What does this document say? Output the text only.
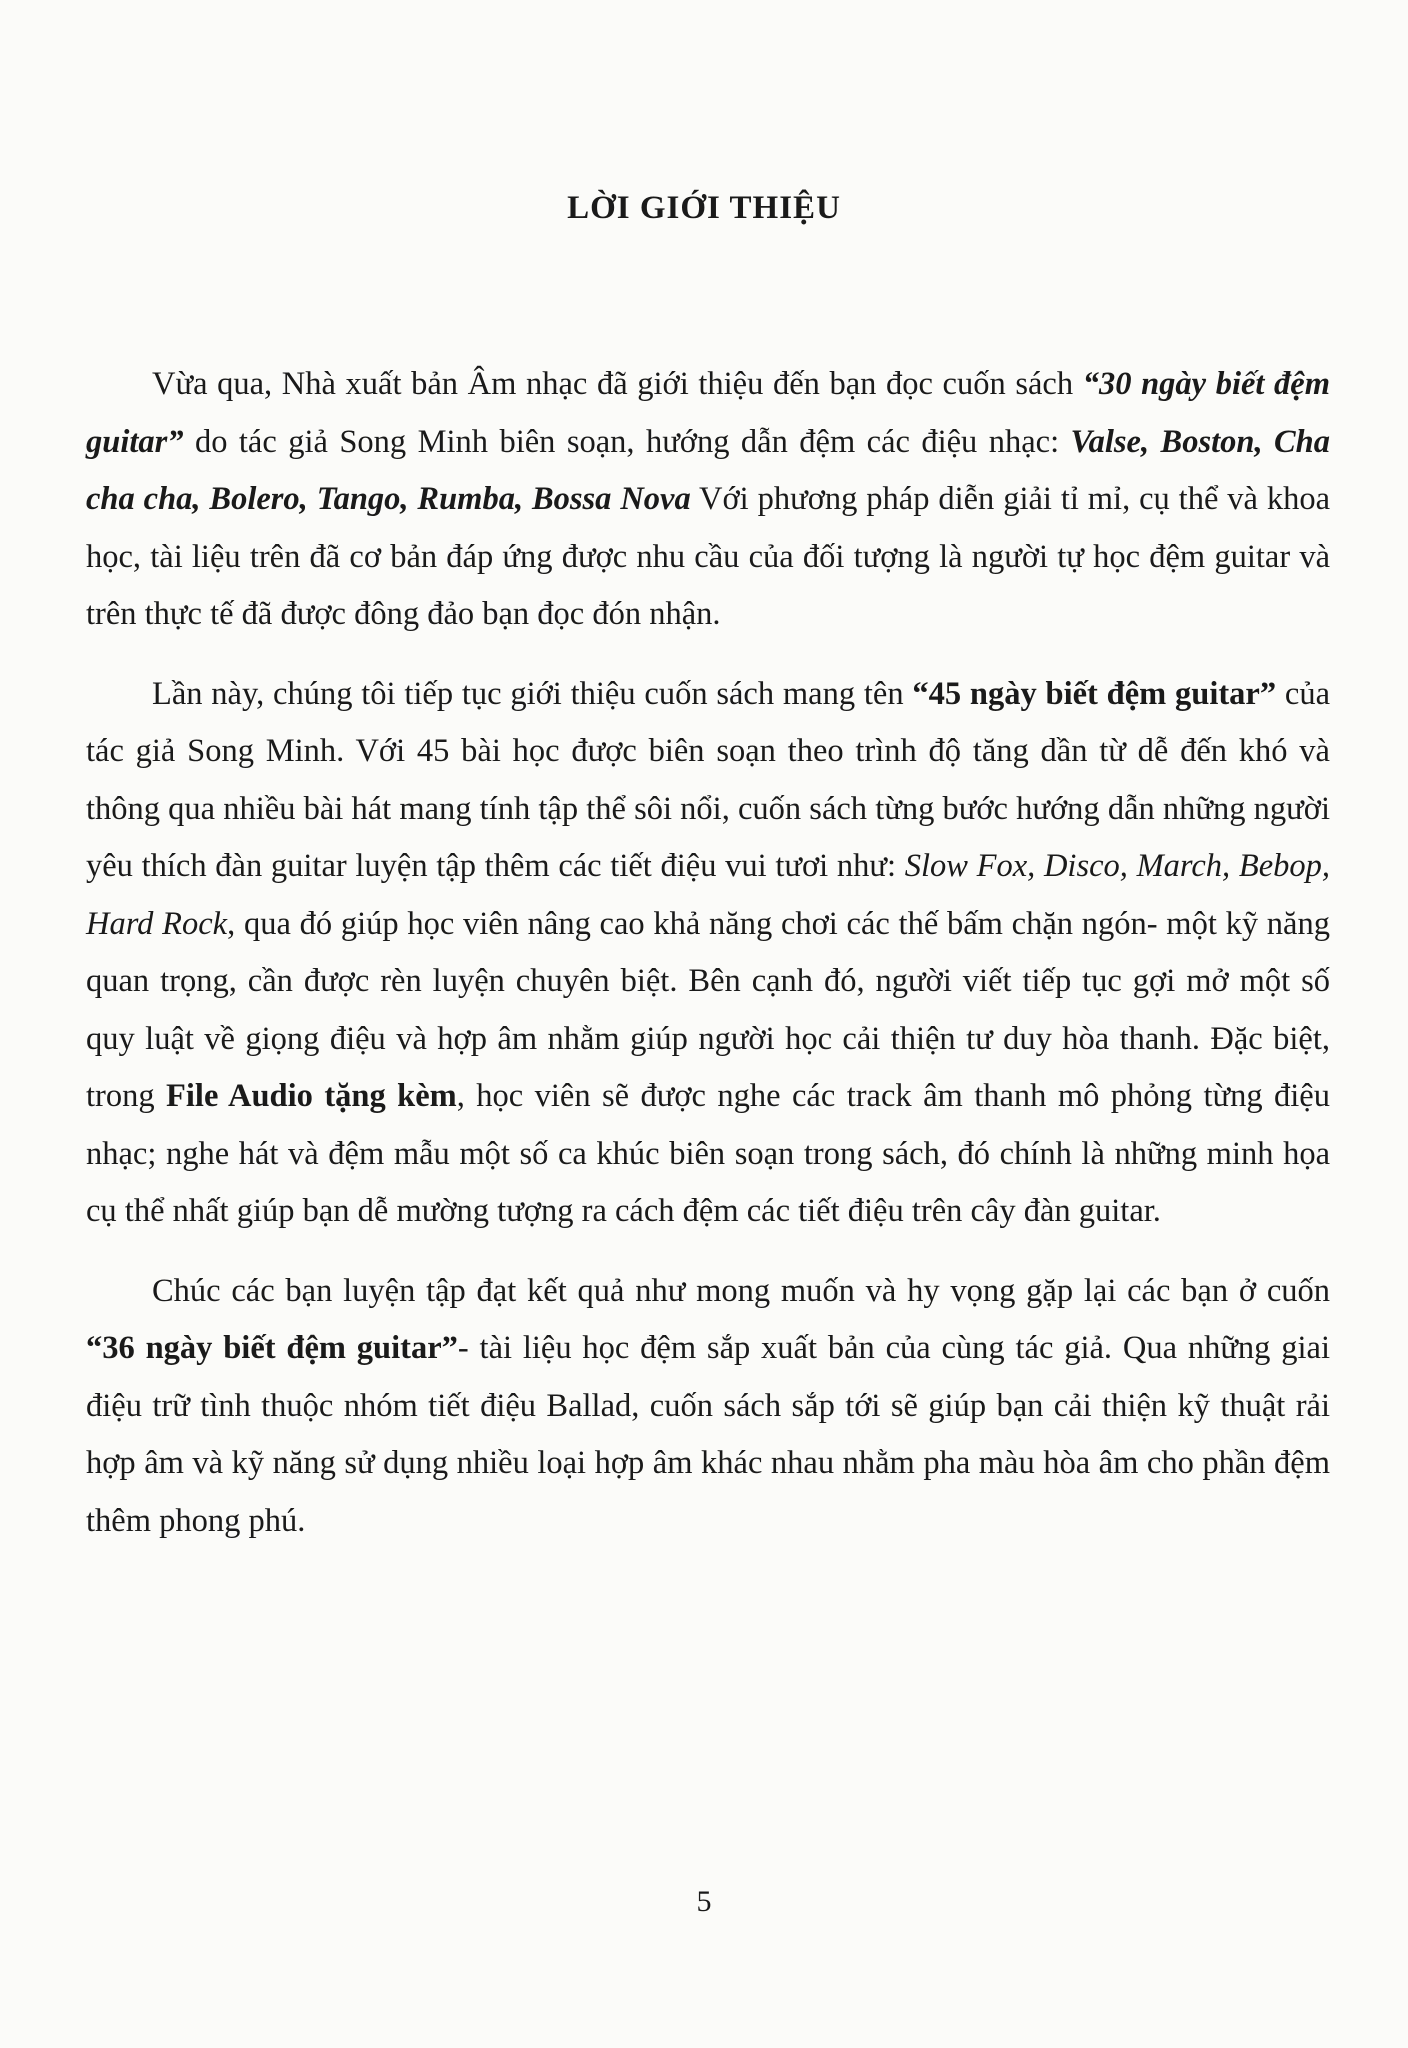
LỜI GIỚI THIỆU

Vừa qua, Nhà xuất bản Âm nhạc đã giới thiệu đến bạn đọc cuốn sách “30 ngày biết đệm guitar” do tác giả Song Minh biên soạn, hướng dẫn đệm các điệu nhạc: Valse, Boston, Cha cha cha, Bolero, Tango, Rumba, Bossa Nova Với phương pháp diễn giải tỉ mỉ, cụ thể và khoa học, tài liệu trên đã cơ bản đáp ứng được nhu cầu của đối tượng là người tự học đệm guitar và trên thực tế đã được đông đảo bạn đọc đón nhận.

Lần này, chúng tôi tiếp tục giới thiệu cuốn sách mang tên “45 ngày biết đệm guitar” của tác giả Song Minh. Với 45 bài học được biên soạn theo trình độ tăng dần từ dễ đến khó và thông qua nhiều bài hát mang tính tập thể sôi nổi, cuốn sách từng bước hướng dẫn những người yêu thích đàn guitar luyện tập thêm các tiết điệu vui tươi như: Slow Fox, Disco, March, Bebop, Hard Rock, qua đó giúp học viên nâng cao khả năng chơi các thế bấm chặn ngón- một kỹ năng quan trọng, cần được rèn luyện chuyên biệt. Bên cạnh đó, người viết tiếp tục gợi mở một số quy luật về giọng điệu và hợp âm nhằm giúp người học cải thiện tư duy hòa thanh. Đặc biệt, trong File Audio tặng kèm, học viên sẽ được nghe các track âm thanh mô phỏng từng điệu nhạc; nghe hát và đệm mẫu một số ca khúc biên soạn trong sách, đó chính là những minh họa cụ thể nhất giúp bạn dễ mường tượng ra cách đệm các tiết điệu trên cây đàn guitar.

Chúc các bạn luyện tập đạt kết quả như mong muốn và hy vọng gặp lại các bạn ở cuốn “36 ngày biết đệm guitar”- tài liệu học đệm sắp xuất bản của cùng tác giả. Qua những giai điệu trữ tình thuộc nhóm tiết điệu Ballad, cuốn sách sắp tới sẽ giúp bạn cải thiện kỹ thuật rải hợp âm và kỹ năng sử dụng nhiều loại hợp âm khác nhau nhằm pha màu hòa âm cho phần đệm thêm phong phú.

5
